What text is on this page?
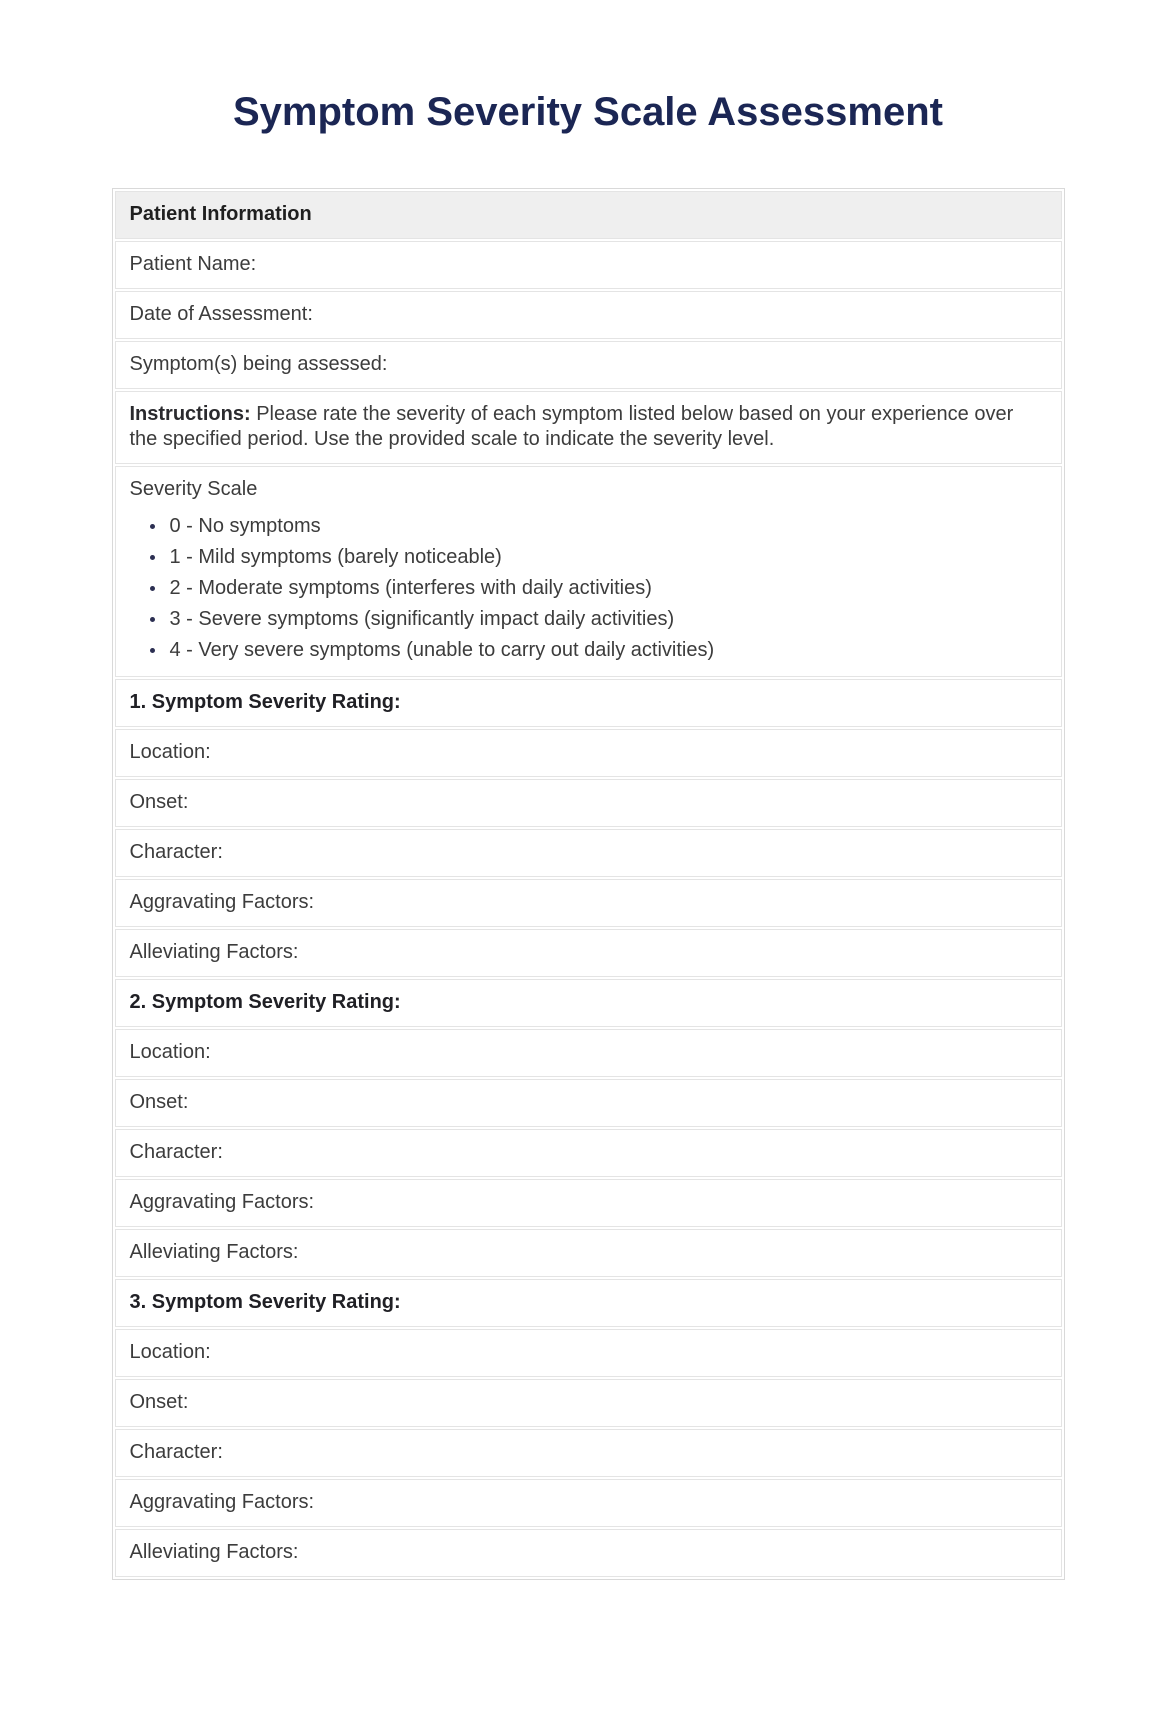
Symptom Severity Scale Assessment
Patient Information
Patient Name:
Date of Assessment:
Symptom(s) being assessed:
Instructions: Please rate the severity of each symptom listed below based on your experience over the specified period. Use the provided scale to indicate the severity level.

Severity Scale
• 0 - No symptoms
• 1 - Mild symptoms (barely noticeable)
• 2 - Moderate symptoms (interferes with daily activities)
• 3 - Severe symptoms (significantly impact daily activities)
• 4 - Very severe symptoms (unable to carry out daily activities)

1. Symptom Severity Rating:
Location:
Onset:
Character:
Aggravating Factors:
Alleviating Factors:
2. Symptom Severity Rating:
Location:
Onset:
Character:
Aggravating Factors:
Alleviating Factors:
3. Symptom Severity Rating:
Location:
Onset:
Character:
Aggravating Factors:
Alleviating Factors:
